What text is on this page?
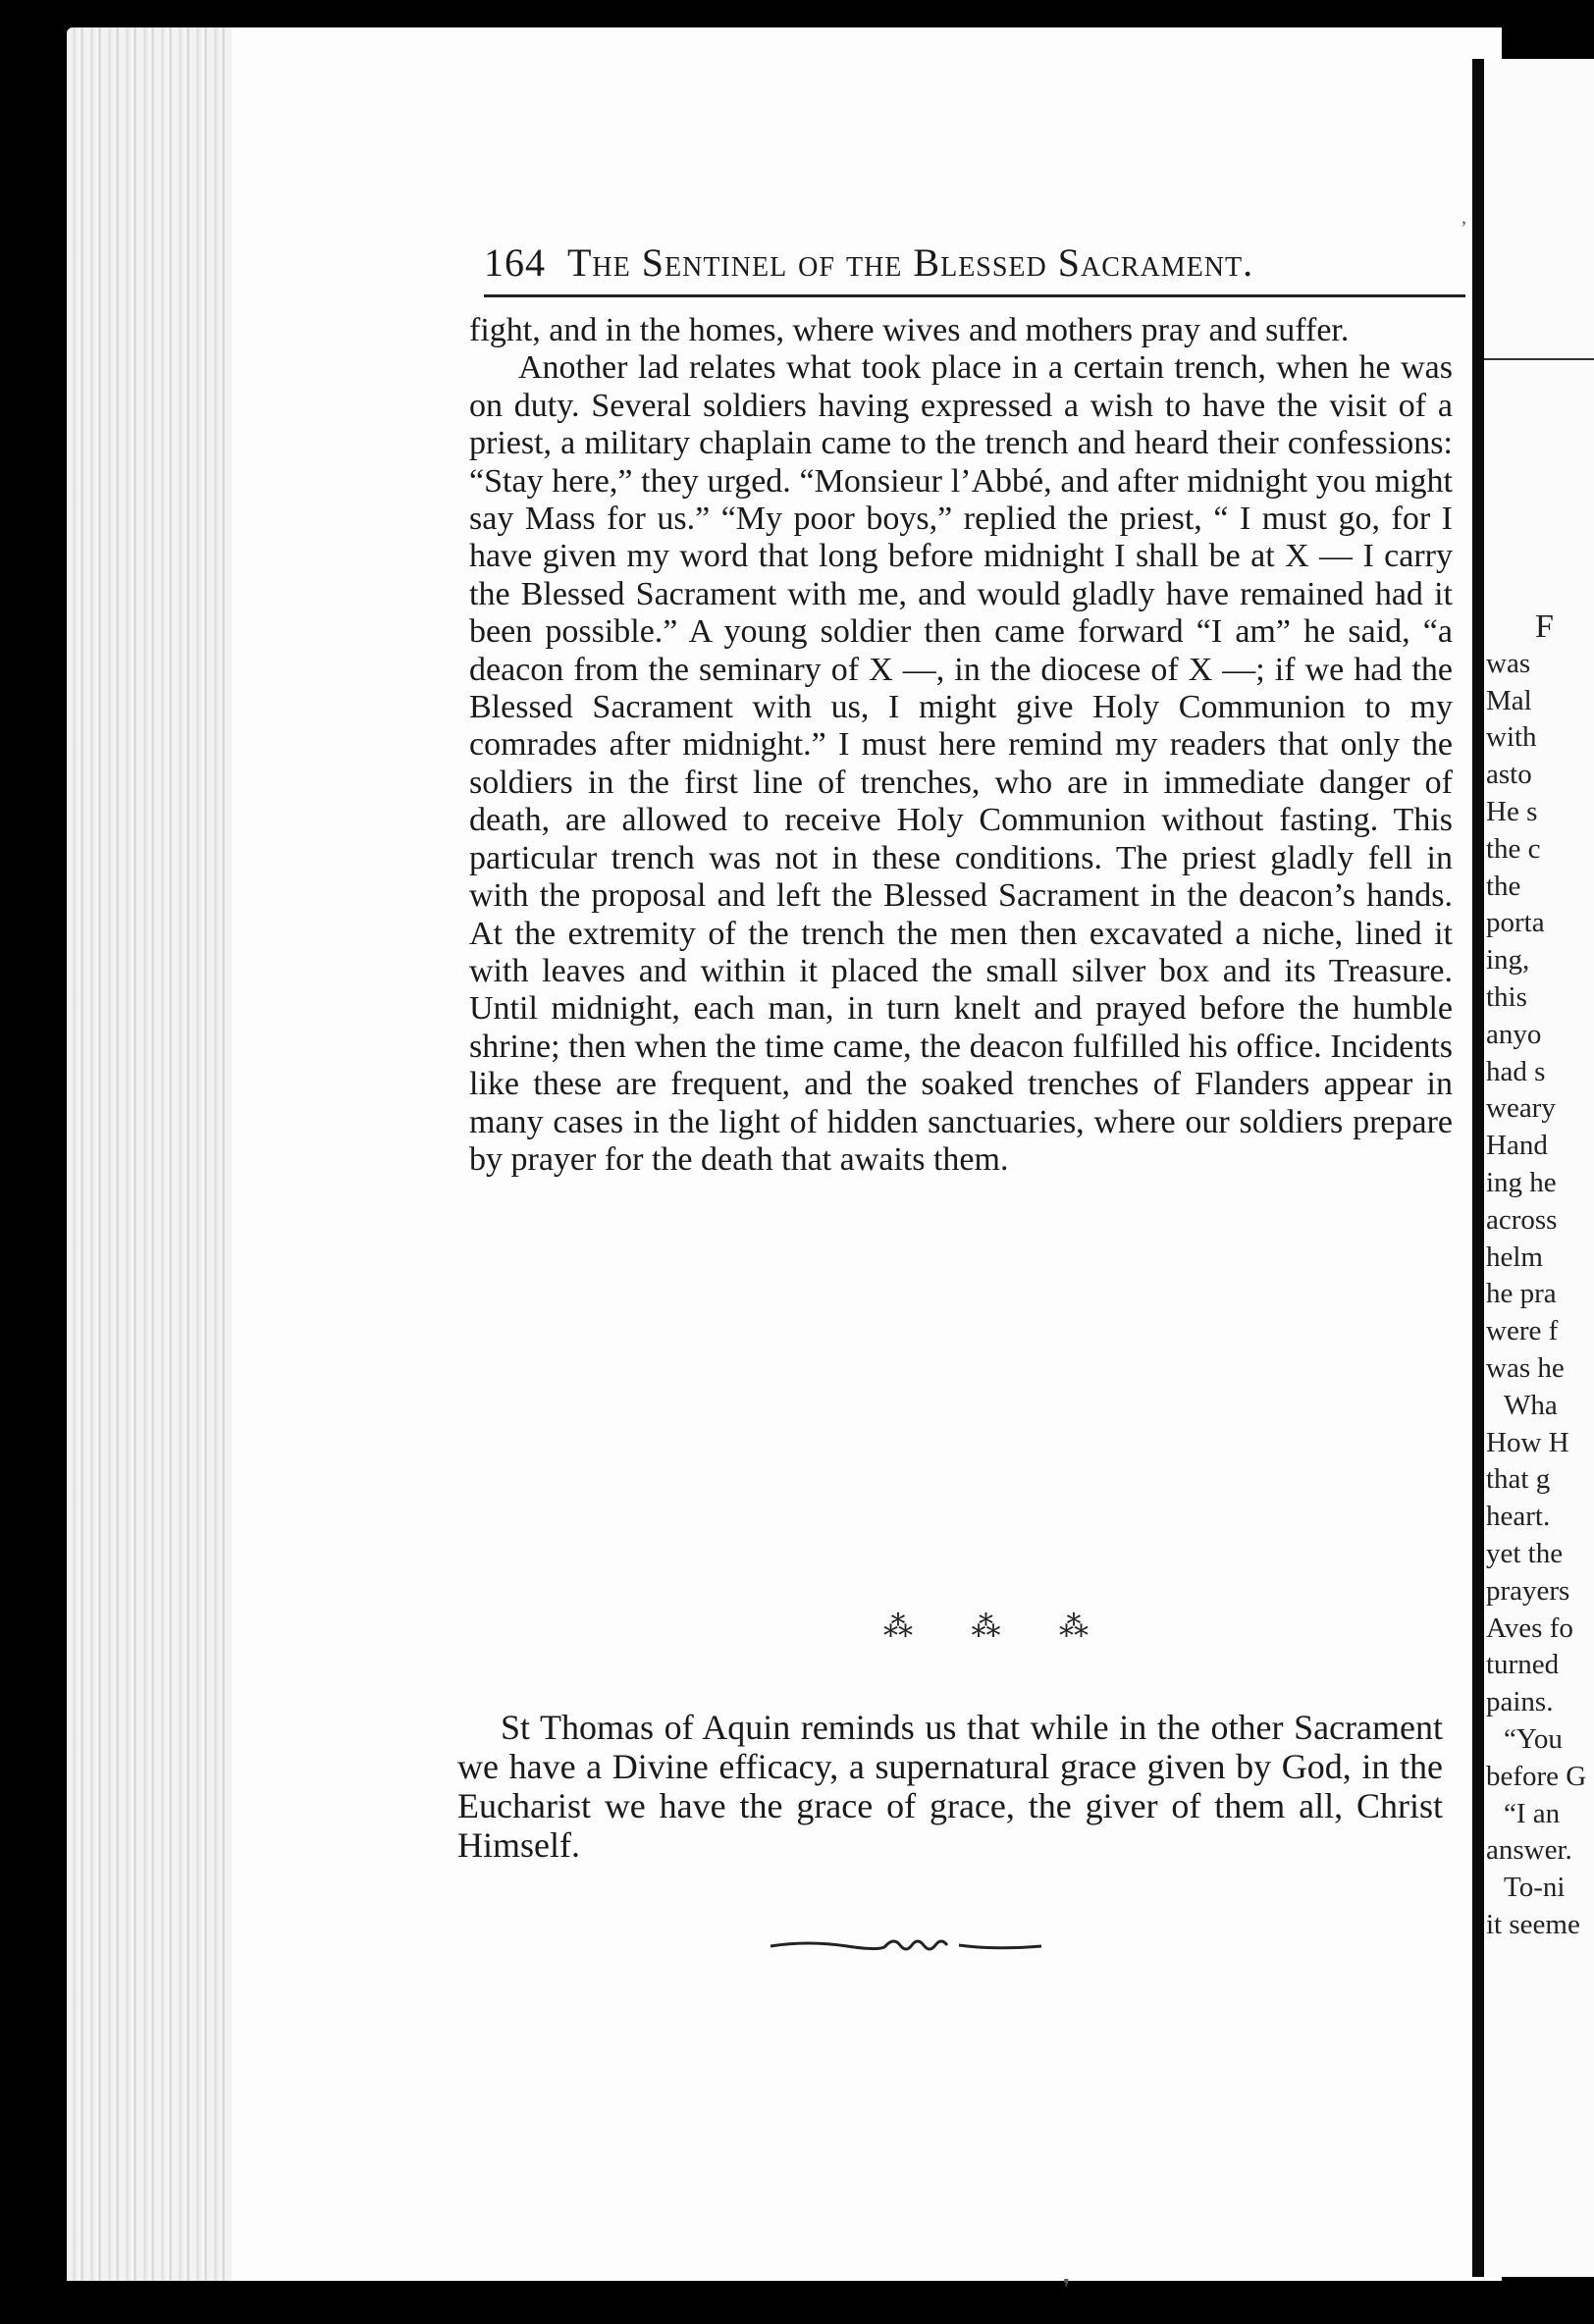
F
was
Mal
with
asto
He s
the c
the
porta
ing,
this
anyo
had s
weary
Hand
ing he
across
helm
he pra
were f
was he
Wha
How H
that g
heart.
yet the
prayers
Aves fo
turned
pains.
“You
before G
“I an
answer.
To-ni
it seeme
164 The Sentinel of the Blessed Sacrament.

fight, and in the homes, where wives and mothers pray and suffer.

Another lad relates what took place in a certain trench, when he was on duty. Several soldiers having expressed a wish to have the visit of a priest, a military chaplain came to the trench and heard their confessions: “Stay here,” they urged. “Monsieur l’Abbé, and after midnight you might say Mass for us.” “My poor boys,” replied the priest, “ I must go, for I have given my word that long before midnight I shall be at X — I carry the Blessed Sacrament with me, and would gladly have remained had it been possible.” A young soldier then came forward “I am” he said, “a deacon from the seminary of X —, in the diocese of X —; if we had the Blessed Sacrament with us, I might give Holy Communion to my comrades after midnight.” I must here remind my readers that only the soldiers in the first line of trenches, who are in immediate danger of death, are allowed to receive Holy Communion without fasting. This particular trench was not in these conditions. The priest gladly fell in with the proposal and left the Blessed Sacrament in the deacon’s hands. At the extremity of the trench the men then excavated a niche, lined it with leaves and within it placed the small silver box and its Treasure. Until midnight, each man, in turn knelt and prayed before the humble shrine; then when the time came, the deacon fulfilled his office. Incidents like these are frequent, and the soaked trenches of Flanders appear in many cases in the light of hidden sanctuaries, where our soldiers prepare by prayer for the death that awaits them.

⁂ ⁂ ⁂

St Thomas of Aquin reminds us that while in the other Sacrament we have a Divine efficacy, a supernatural grace given by God, in the Eucharist we have the grace of grace, the giver of them all, Christ Himself.

ʼ
❜
